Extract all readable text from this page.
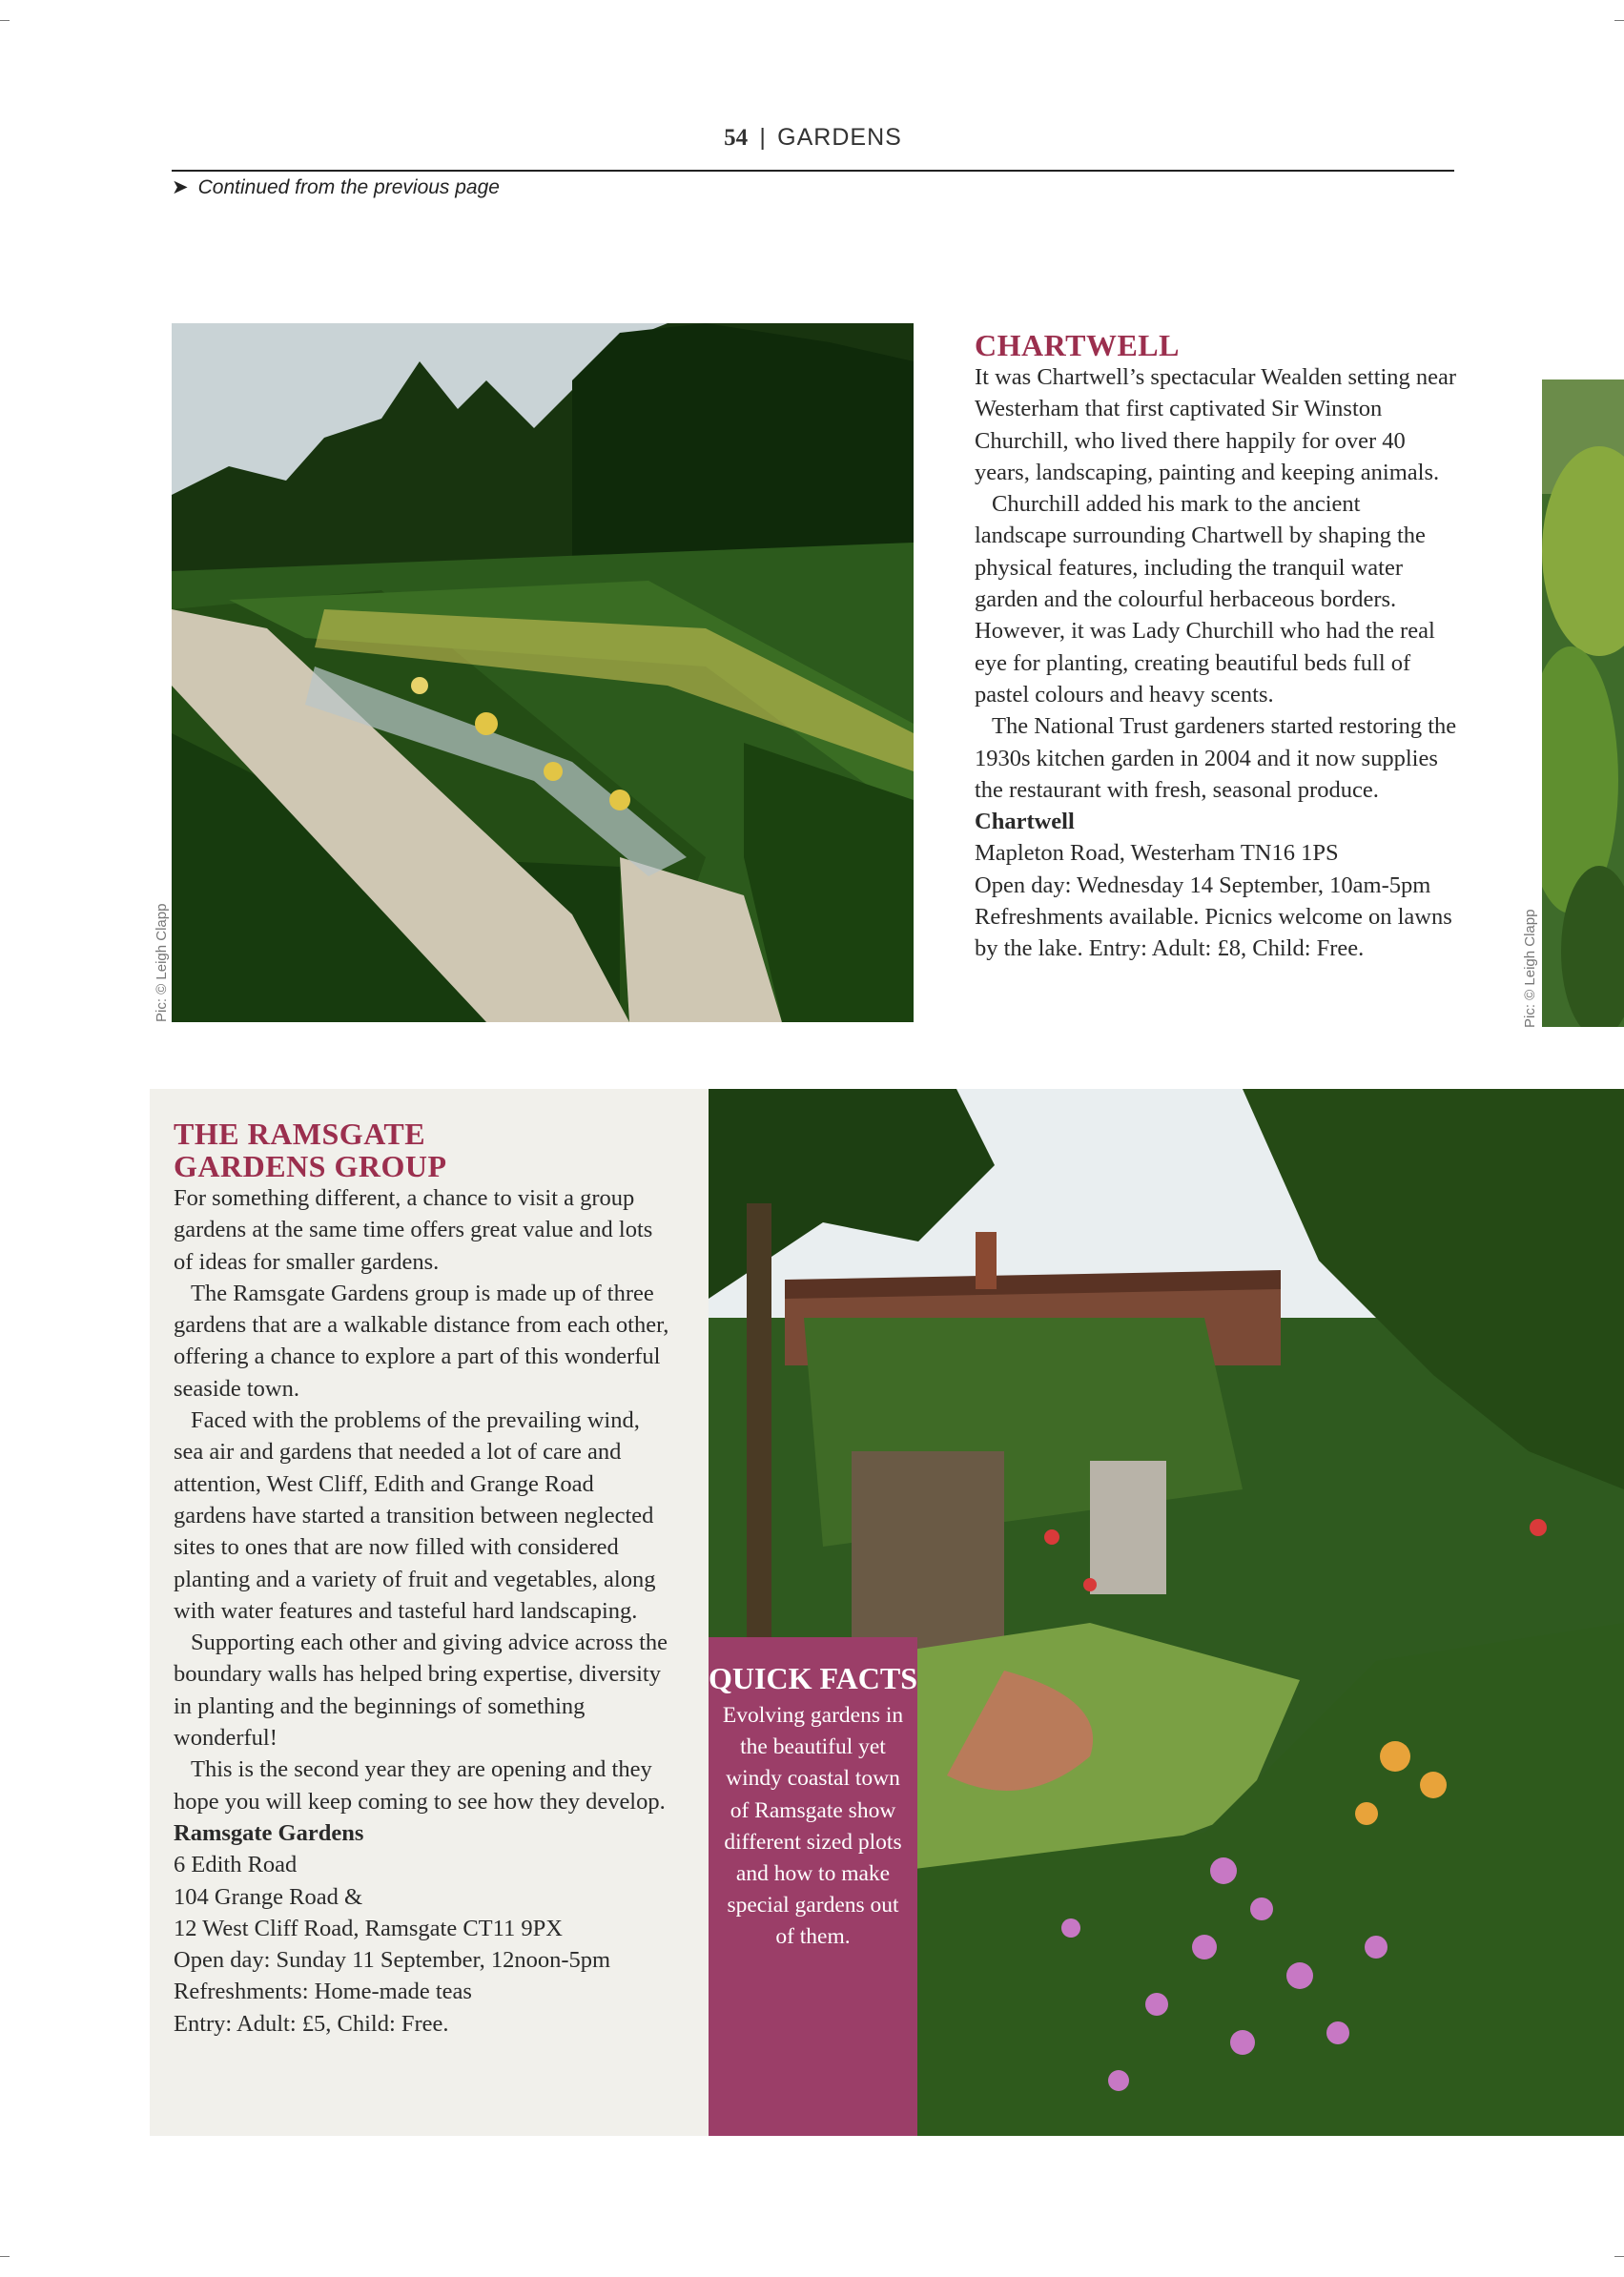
54 | GARDENS
➤ Continued from the previous page
Pic: © Leigh Clapp
CHARTWELL

It was Chartwell’s spectacular Wealden setting near Westerham that first captivated Sir Winston Churchill, who lived there happily for over 40 years, landscaping, painting and keeping animals.

Churchill added his mark to the ancient landscape surrounding Chartwell by shaping the physical features, including the tranquil water garden and the colourful herbaceous borders. However, it was Lady Churchill who had the real eye for planting, creating beautiful beds full of pastel colours and heavy scents.

The National Trust gardeners started restoring the 1930s kitchen garden in 2004 and it now supplies the restaurant with fresh, seasonal produce.

Chartwell
Mapleton Road, Westerham TN16 1PS
Open day: Wednesday 14 September, 10am-5pm
Refreshments available. Picnics welcome on lawns by the lake. Entry: Adult: £8, Child: Free.	Pic: © Leigh Clapp
THE RAMSGATE GARDENS GROUP

For something different, a chance to visit a group gardens at the same time offers great value and lots of ideas for smaller gardens.

The Ramsgate Gardens group is made up of three gardens that are a walkable distance from each other, offering a chance to explore a part of this wonderful seaside town.

Faced with the problems of the prevailing wind, sea air and gardens that needed a lot of care and attention, West Cliff, Edith and Grange Road gardens have started a transition between neglected sites to ones that are now filled with considered planting and a variety of fruit and vegetables, along with water features and tasteful hard landscaping.

Supporting each other and giving advice across the boundary walls has helped bring expertise, diversity in planting and the beginnings of something wonderful!

This is the second year they are opening and they hope you will keep coming to see how they develop.

Ramsgate Gardens
6 Edith Road
104 Grange Road &
12 West Cliff Road, Ramsgate CT11 9PX
Open day: Sunday 11 September, 12noon-5pm
Refreshments: Home-made teas
Entry: Adult: £5, Child: Free.
QUICK FACTS

Evolving gardens in the beautiful yet windy coastal town of Ramsgate show different sized plots and how to make special gardens out of them.
